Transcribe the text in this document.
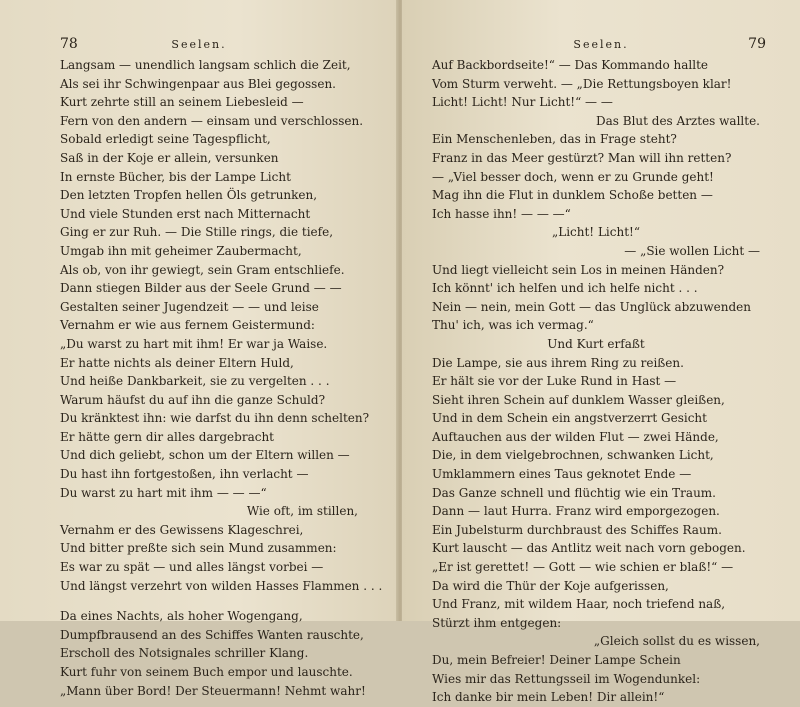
78	Seelen.
Langsam — unendlich langsam schlich die Zeit,
Als sei ihr Schwingenpaar aus Blei gegossen.
Kurt zehrte still an seinem Liebesleid —
Fern von den andern — einsam und verschlossen.
Sobald erledigt seine Tagespflicht,
Saß in der Koje er allein, versunken
In ernste Bücher, bis der Lampe Licht
Den letzten Tropfen hellen Öls getrunken,
Und viele Stunden erst nach Mitternacht
Ging er zur Ruh. — Die Stille rings, die tiefe,
Umgab ihn mit geheimer Zaubermacht,
Als ob, von ihr gewiegt, sein Gram entschliefe.
Dann stiegen Bilder aus der Seele Grund — —
Gestalten seiner Jugendzeit — — und leise
Vernahm er wie aus fernem Geistermund:
„Du warst zu hart mit ihm! Er war ja Waise.
Er hatte nichts als deiner Eltern Huld,
Und heiße Dankbarkeit, sie zu vergelten . . .
Warum häufst du auf ihn die ganze Schuld?
Du kränktest ihn: wie darfst du ihn denn schelten?
Er hätte gern dir alles dargebracht
Und dich geliebt, schon um der Eltern willen —
Du hast ihn fortgestoßen, ihn verlacht —
Du warst zu hart mit ihm — — —“
Wie oft, im stillen,
Vernahm er des Gewissens Klageschrei,
Und bitter preßte sich sein Mund zusammen:
Es war zu spät — und alles längst vorbei —
Und längst verzehrt von wilden Hasses Flammen . . .
Da eines Nachts, als hoher Wogengang,
Dumpfbrausend an des Schiffes Wanten rauschte,
Erscholl des Notsignales schriller Klang.
Kurt fuhr von seinem Buch empor und lauschte.
„Mann über Bord! Der Steuermann! Nehmt wahr!
Seelen.	79
Auf Backbordseite!“ — Das Kommando hallte
Vom Sturm verweht. — „Die Rettungsboyen klar!
Licht! Licht! Nur Licht!“ — —
Das Blut des Arztes wallte.
Ein Menschenleben, das in Frage steht?
Franz in das Meer gestürzt? Man will ihn retten?
— „Viel besser doch, wenn er zu Grunde geht!
Mag ihn die Flut in dunklem Schoße betten —
Ich hasse ihn! — — —“
„Licht! Licht!“
— „Sie wollen Licht —
Und liegt vielleicht sein Los in meinen Händen?
Ich könnt' ich helfen und ich helfe nicht . . .
Nein — nein, mein Gott — das Unglück abzuwenden
Thu' ich, was ich vermag.“
Und Kurt erfaßt
Die Lampe, sie aus ihrem Ring zu reißen.
Er hält sie vor der Luke Rund in Hast —
Sieht ihren Schein auf dunklem Wasser gleißen,
Und in dem Schein ein angstverzerrt Gesicht
Auftauchen aus der wilden Flut — zwei Hände,
Die, in dem vielgebrochnen, schwanken Licht,
Umklammern eines Taus geknotet Ende —
Das Ganze schnell und flüchtig wie ein Traum.
Dann — laut Hurra. Franz wird emporgezogen.
Ein Jubelsturm durchbraust des Schiffes Raum.
Kurt lauscht — das Antlitz weit nach vorn gebogen.
„Er ist gerettet! — Gott — wie schien er blaß!“ —
Da wird die Thür der Koje aufgerissen,
Und Franz, mit wildem Haar, noch triefend naß,
Stürzt ihm entgegen:
„Gleich sollst du es wissen,
Du, mein Befreier! Deiner Lampe Schein
Wies mir das Rettungsseil im Wogendunkel:
Ich danke bir mein Leben! Dir allein!“
